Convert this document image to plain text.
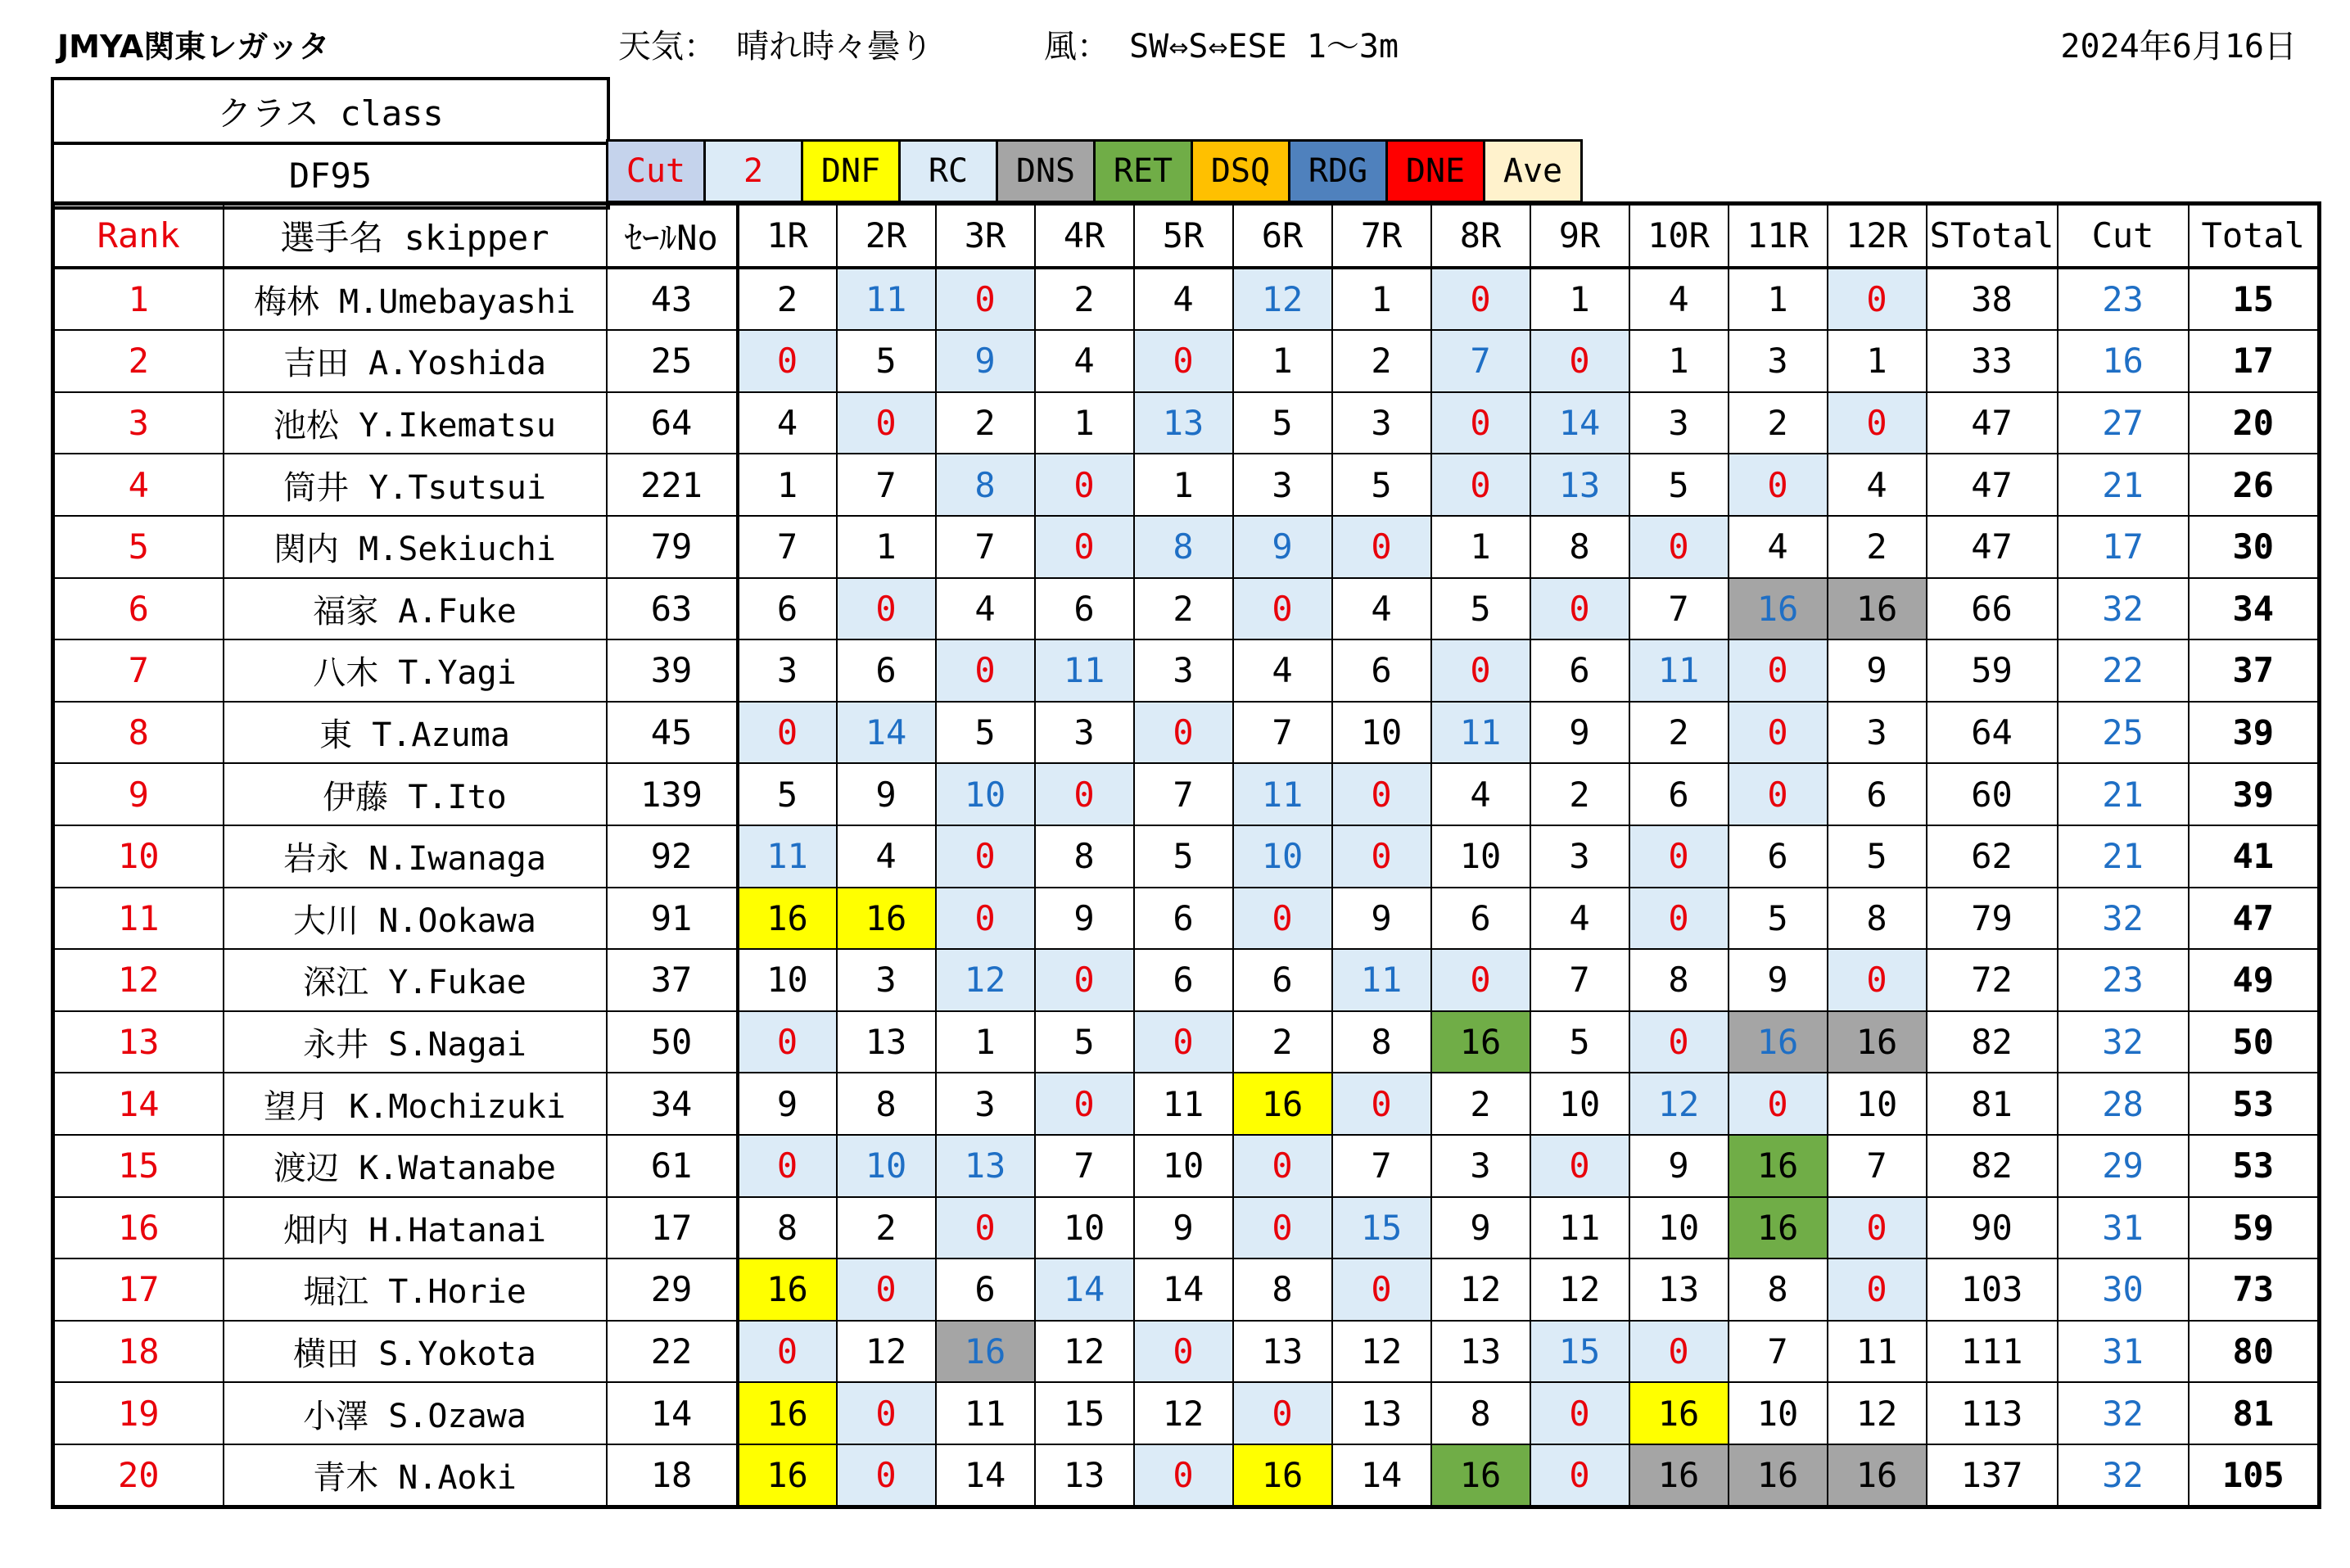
JMYA関東レガッタ	天気： 晴れ時々曇り	風： SW⇔S⇔ESE 1～3m	2024年6月16日
クラス class
DF95	Cut	2	DNF	RC	DNS	RET	DSQ	RDG	DNE	Ave
Rank	選手名 skipper	ｾｰﾙNo	1R	2R	3R	4R	5R	6R	7R	8R	9R	10R	11R	12R	STotal	Cut	Total
1	梅林 M.Umebayashi	43	2	11	0	2	4	12	1	0	1	4	1	0	38	23	15
2	吉田 A.Yoshida	25	0	5	9	4	0	1	2	7	0	1	3	1	33	16	17
3	池松 Y.Ikematsu	64	4	0	2	1	13	5	3	0	14	3	2	0	47	27	20
4	筒井 Y.Tsutsui	221	1	7	8	0	1	3	5	0	13	5	0	4	47	21	26
5	関内 M.Sekiuchi	79	7	1	7	0	8	9	0	1	8	0	4	2	47	17	30
6	福家 A.Fuke	63	6	0	4	6	2	0	4	5	0	7	16	16	66	32	34
7	八木 T.Yagi	39	3	6	0	11	3	4	6	0	6	11	0	9	59	22	37
8	東 T.Azuma	45	0	14	5	3	0	7	10	11	9	2	0	3	64	25	39
9	伊藤 T.Ito	139	5	9	10	0	7	11	0	4	2	6	0	6	60	21	39
10	岩永 N.Iwanaga	92	11	4	0	8	5	10	0	10	3	0	6	5	62	21	41
11	大川 N.Ookawa	91	16	16	0	9	6	0	9	6	4	0	5	8	79	32	47
12	深江 Y.Fukae	37	10	3	12	0	6	6	11	0	7	8	9	0	72	23	49
13	永井 S.Nagai	50	0	13	1	5	0	2	8	16	5	0	16	16	82	32	50
14	望月 K.Mochizuki	34	9	8	3	0	11	16	0	2	10	12	0	10	81	28	53
15	渡辺 K.Watanabe	61	0	10	13	7	10	0	7	3	0	9	16	7	82	29	53
16	畑内 H.Hatanai	17	8	2	0	10	9	0	15	9	11	10	16	0	90	31	59
17	堀江 T.Horie	29	16	0	6	14	14	8	0	12	12	13	8	0	103	30	73
18	横田 S.Yokota	22	0	12	16	12	0	13	12	13	15	0	7	11	111	31	80
19	小澤 S.Ozawa	14	16	0	11	15	12	0	13	8	0	16	10	12	113	32	81
20	青木 N.Aoki	18	16	0	14	13	0	16	14	16	0	16	16	16	137	32	105
